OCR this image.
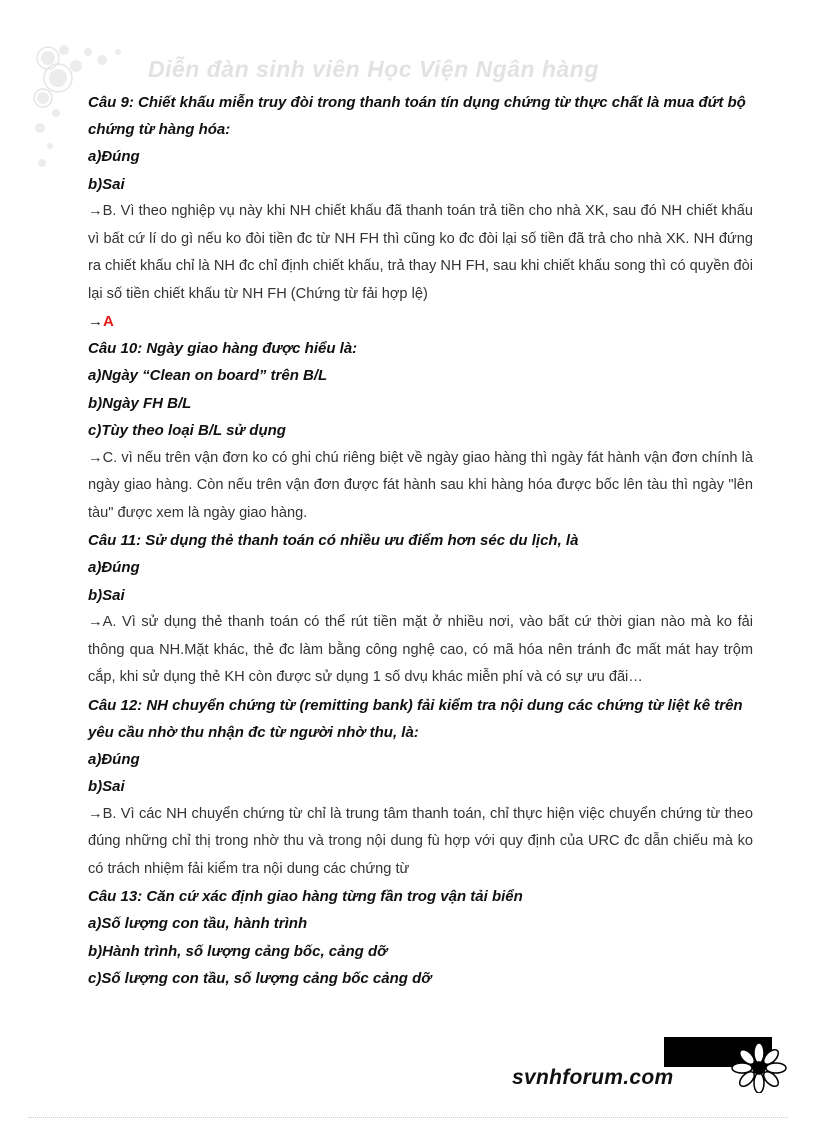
Diễn đàn sinh viên Học Viện Ngân hàng
Câu 9: Chiết khấu miễn truy đòi trong thanh toán tín dụng chứng từ thực chất là mua đứt bộ chứng từ hàng hóa:
a)Đúng
b)Sai
→B. Vì theo nghiệp vụ này khi NH chiết khấu đã thanh toán trả tiền cho nhà XK, sau đó NH chiết khấu vì bất cứ lí do gì nếu ko đòi tiền đc từ NH FH thì cũng ko đc đòi lại số tiền đã trả cho nhà XK. NH đứng ra chiết khấu chỉ là NH đc chỉ định chiết khấu, trả thay NH FH, sau khi chiết khấu song thì có quyền đòi lại số tiền chiết khấu từ NH FH (Chứng từ fải hợp lệ)
→A
Câu 10: Ngày giao hàng được hiểu là:
a)Ngày “Clean on board” trên B/L
b)Ngày FH B/L
c)Tùy theo loại B/L sử dụng
→C. vì nếu trên vận đơn ko có ghi chú riêng biệt về ngày giao hàng thì ngày fát hành vận đơn chính là ngày giao hàng. Còn nếu trên vận đơn được fát hành sau khi hàng hóa được bốc lên tàu thì ngày "lên tàu" được xem là ngày giao hàng.
Câu 11: Sử dụng thẻ thanh toán có nhiều ưu điểm hơn séc du lịch, là
a)Đúng
b)Sai
→A. Vì sử dụng thẻ thanh toán có thể rút tiền mặt ở nhiều nơi, vào bất cứ thời gian nào mà ko fải thông qua NH.Mặt khác, thẻ đc làm bằng công nghệ cao, có mã hóa nên tránh đc mất mát hay trộm cắp, khi sử dụng thẻ KH còn được sử dụng 1 số dvụ khác miễn phí và có sự ưu đãi…
Câu 12: NH chuyển chứng từ (remitting bank) fải kiểm tra nội dung các chứng từ liệt kê trên yêu cầu nhờ thu nhận đc từ người nhờ thu, là:
a)Đúng
b)Sai
→B. Vì các NH chuyển chứng từ chỉ là trung tâm thanh toán, chỉ thực hiện việc chuyển chứng từ theo đúng những chỉ thị trong nhờ thu và trong nội dung fù hợp với quy định của URC đc dẫn chiếu mà ko có trách nhiệm fải kiểm tra nội dung các chứng từ
Câu 13: Căn cứ xác định giao hàng từng fần trog vận tải biển
a)Số lượng con tầu, hành trình
b)Hành trình, số lượng cảng bốc, cảng dỡ
c)Số lượng con tầu, số lượng cảng bốc cảng dỡ
svnhforum.com
